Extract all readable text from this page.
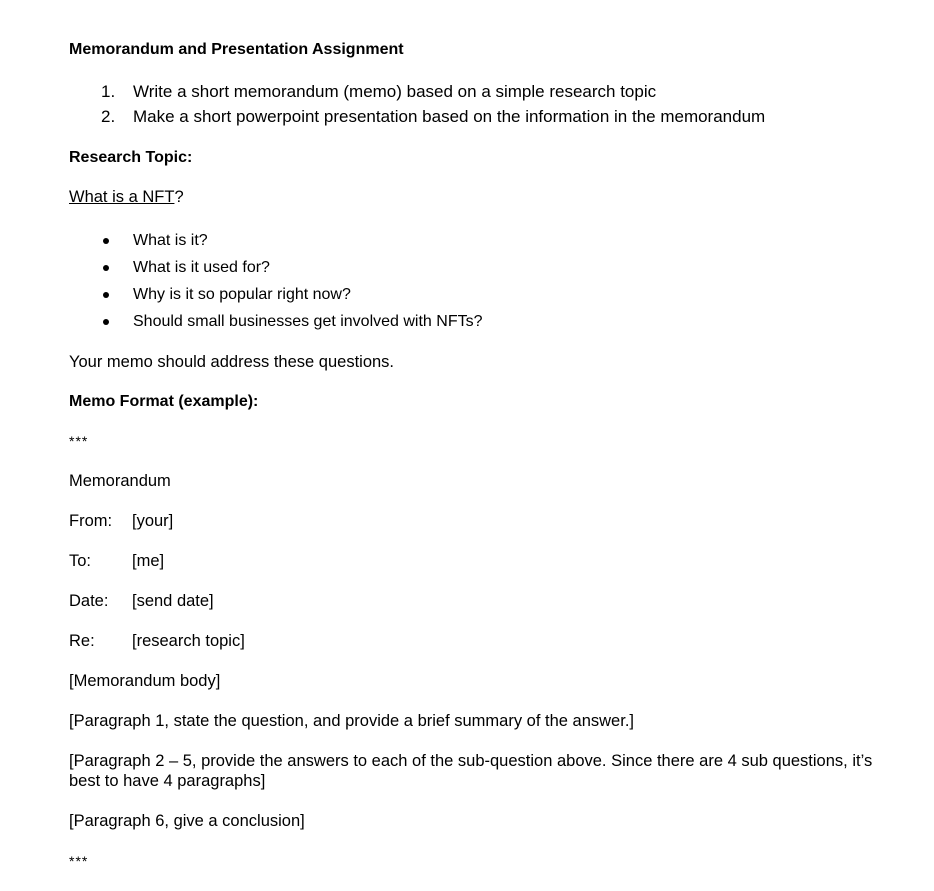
Memorandum and Presentation Assignment
1. Write a short memorandum (memo) based on a simple research topic
2. Make a short powerpoint presentation based on the information in the memorandum
Research Topic:

What is a NFT?

What is it?
What is it used for?
Why is it so popular right now?
Should small businesses get involved with NFTs?

Your memo should address these questions.

Memo Format (example):
***

Memorandum

From:	[your]
To:	[me]
Date:	[send date]
Re:	[research topic]

[Memorandum body]

[Paragraph 1, state the question, and provide a brief summary of the answer.]

[Paragraph 2 – 5, provide the answers to each of the sub-question above. Since there are 4 sub questions, it’s best to have 4 paragraphs]

[Paragraph 6, give a conclusion]

***
